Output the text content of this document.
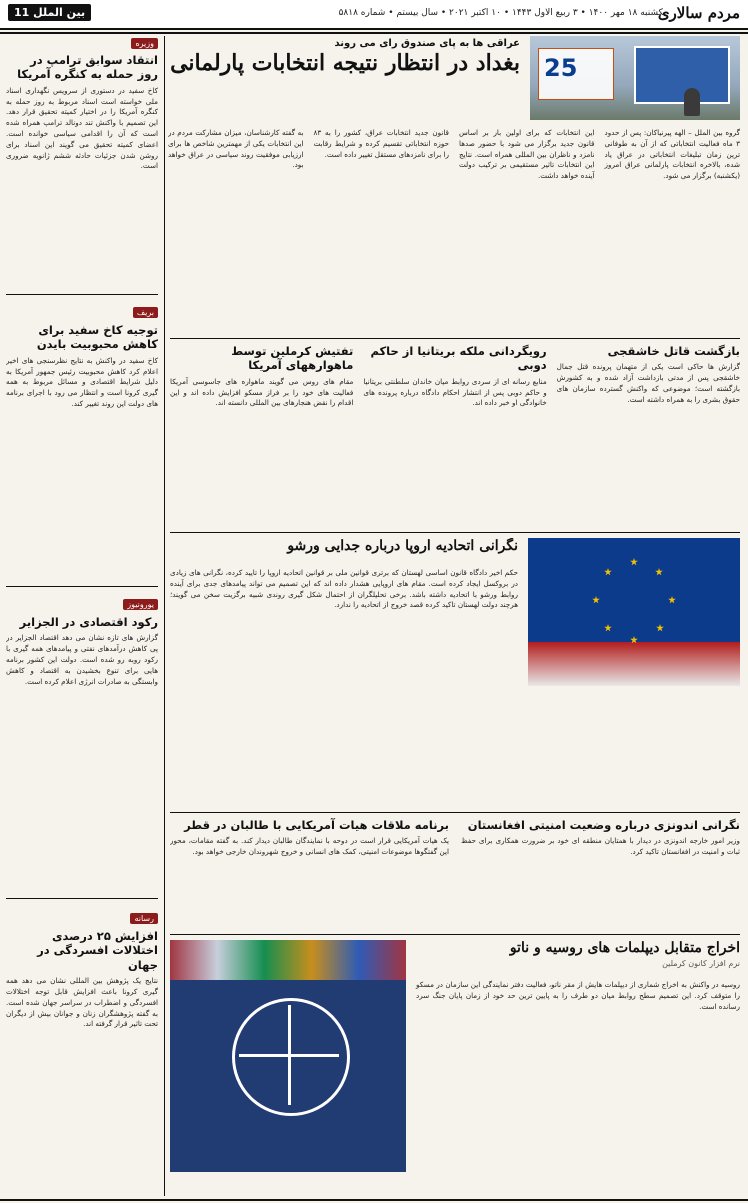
مردم سالاری
یکشنبه ۱۸ مهر ۱۴۰۰ • ۳ ربیع الاول ۱۴۴۳ • ۱۰ اکتبر ۲۰۲۱ • سال بیستم • شماره ۵۸۱۸
بین الملل 11
25
عراقی ها به پای صندوق رای می روند
بغداد در انتظار نتیجه انتخابات پارلمانی
گروه بین الملل – الهه پیرنیاکان: پس از حدود ۳ ماه فعالیت انتخاباتی که از آن به طوفانی ترین زمان تبلیغات انتخاباتی در عراق یاد شده، بالاخره انتخابات پارلمانی عراق امروز (یکشنبه) برگزار می شود.
این انتخابات که برای اولین بار بر اساس قانون جدید برگزار می شود با حضور صدها نامزد و ناظران بین المللی همراه است. نتایج این انتخابات تاثیر مستقیمی بر ترکیب دولت آینده خواهد داشت.
قانون جدید انتخابات عراق، کشور را به ۸۳ حوزه انتخاباتی تقسیم کرده و شرایط رقابت را برای نامزدهای مستقل تغییر داده است.
به گفته کارشناسان، میزان مشارکت مردم در این انتخابات یکی از مهمترین شاخص ها برای ارزیابی موفقیت روند سیاسی در عراق خواهد بود.
وزیره
انتقاد سوابق ترامپ در روز حمله به کنگره آمریکا
کاخ سفید در دستوری از سرویس نگهداری اسناد ملی خواسته است اسناد مربوط به روز حمله به کنگره آمریکا را در اختیار کمیته تحقیق قرار دهد. این تصمیم با واکنش تند دونالد ترامپ همراه شده است که آن را اقدامی سیاسی خوانده است. اعضای کمیته تحقیق می گویند این اسناد برای روشن شدن جزئیات حادثه ششم ژانویه ضروری است.
بریف
توجیه کاخ سفید برای کاهش محبوبیت بایدن
کاخ سفید در واکنش به نتایج نظرسنجی های اخیر اعلام کرد کاهش محبوبیت رئیس جمهور آمریکا به دلیل شرایط اقتصادی و مسائل مربوط به همه گیری کرونا است و انتظار می رود با اجرای برنامه های دولت این روند تغییر کند.
یورونیوز
رکود اقتصادی در الجزایر
گزارش های تازه نشان می دهد اقتصاد الجزایر در پی کاهش درآمدهای نفتی و پیامدهای همه گیری با رکود روبه رو شده است. دولت این کشور برنامه هایی برای تنوع بخشیدن به اقتصاد و کاهش وابستگی به صادرات انرژی اعلام کرده است.
رسانه
افزایش ۲۵ درصدی اختلالات افسردگی در جهان
نتایج یک پژوهش بین المللی نشان می دهد همه گیری کرونا باعث افزایش قابل توجه اختلالات افسردگی و اضطراب در سراسر جهان شده است. به گفته پژوهشگران زنان و جوانان بیش از دیگران تحت تاثیر قرار گرفته اند.
بازگشت قاتل خاشقجی
گزارش ها حاکی است یکی از متهمان پرونده قتل جمال خاشقجی پس از مدتی بازداشت آزاد شده و به کشورش بازگشته است؛ موضوعی که واکنش گسترده سازمان های حقوق بشری را به همراه داشته است.
رویگردانی ملکه بریتانیا از حاکم دوبی
منابع رسانه ای از سردی روابط میان خاندان سلطنتی بریتانیا و حاکم دوبی پس از انتشار احکام دادگاه درباره پرونده های خانوادگی او خبر داده اند.
تفتیش کرملین توسط ماهوارههای آمریکا
مقام های روس می گویند ماهواره های جاسوسی آمریکا فعالیت های خود را بر فراز مسکو افزایش داده اند و این اقدام را نقض هنجارهای بین المللی دانسته اند.
نگرانی اتحادیه اروپا درباره جدایی ورشو
حکم اخیر دادگاه قانون اساسی لهستان که برتری قوانین ملی بر قوانین اتحادیه اروپا را تایید کرده، نگرانی های زیادی در بروکسل ایجاد کرده است. مقام های اروپایی هشدار داده اند که این تصمیم می تواند پیامدهای جدی برای آینده روابط ورشو با اتحادیه داشته باشد. برخی تحلیلگران از احتمال شکل گیری روندی شبیه برگزیت سخن می گویند؛ هرچند دولت لهستان تاکید کرده قصد خروج از اتحادیه را ندارد.
نگرانی اندونزی درباره وضعیت امنیتی افغانستان
وزیر امور خارجه اندونزی در دیدار با همتایان منطقه ای خود بر ضرورت همکاری برای حفظ ثبات و امنیت در افغانستان تاکید کرد.
برنامه ملاقات هیات آمریکایی با طالبان در قطر
یک هیات آمریکایی قرار است در دوحه با نمایندگان طالبان دیدار کند. به گفته مقامات، محور این گفتگوها موضوعات امنیتی، کمک های انسانی و خروج شهروندان خارجی خواهد بود.
اخراج متقابل دیپلمات های روسیه و ناتو
نرم افزار کانون کرملین
روسیه در واکنش به اخراج شماری از دیپلمات هایش از مقر ناتو، فعالیت دفتر نمایندگی این سازمان در مسکو را متوقف کرد. این تصمیم سطح روابط میان دو طرف را به پایین ترین حد خود از زمان پایان جنگ سرد رسانده است.
